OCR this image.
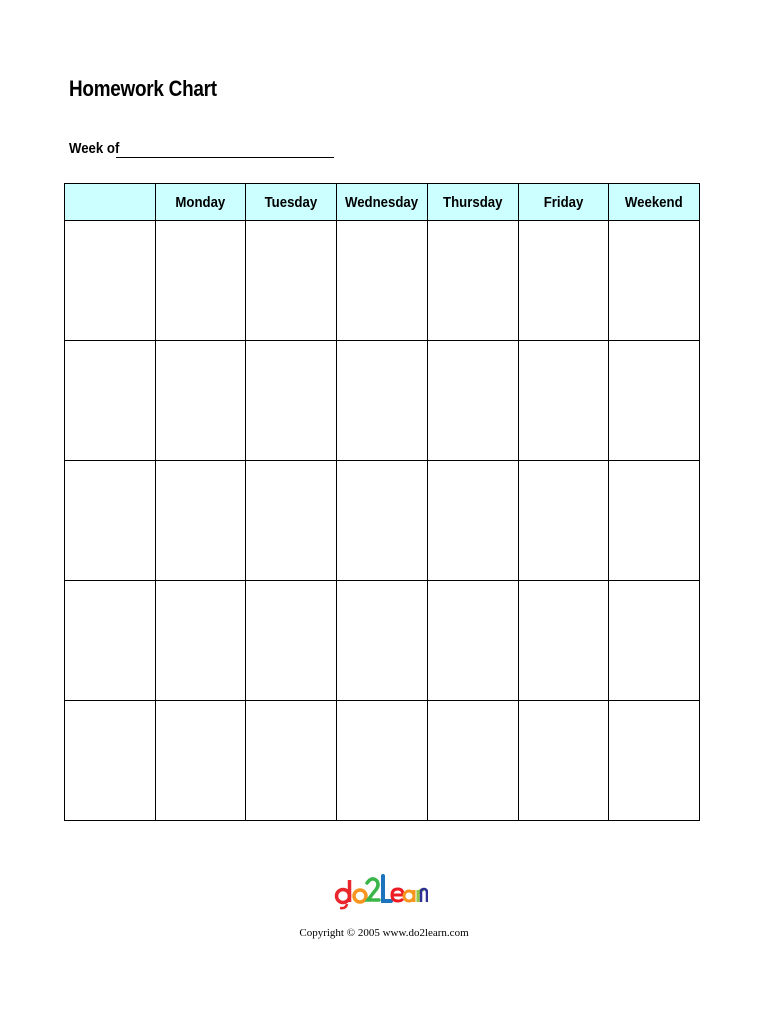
Homework Chart
Week of
	Monday	Tuesday	Wednesday	Thursday	Friday	Weekend

Copyright © 2005 www.do2learn.com
